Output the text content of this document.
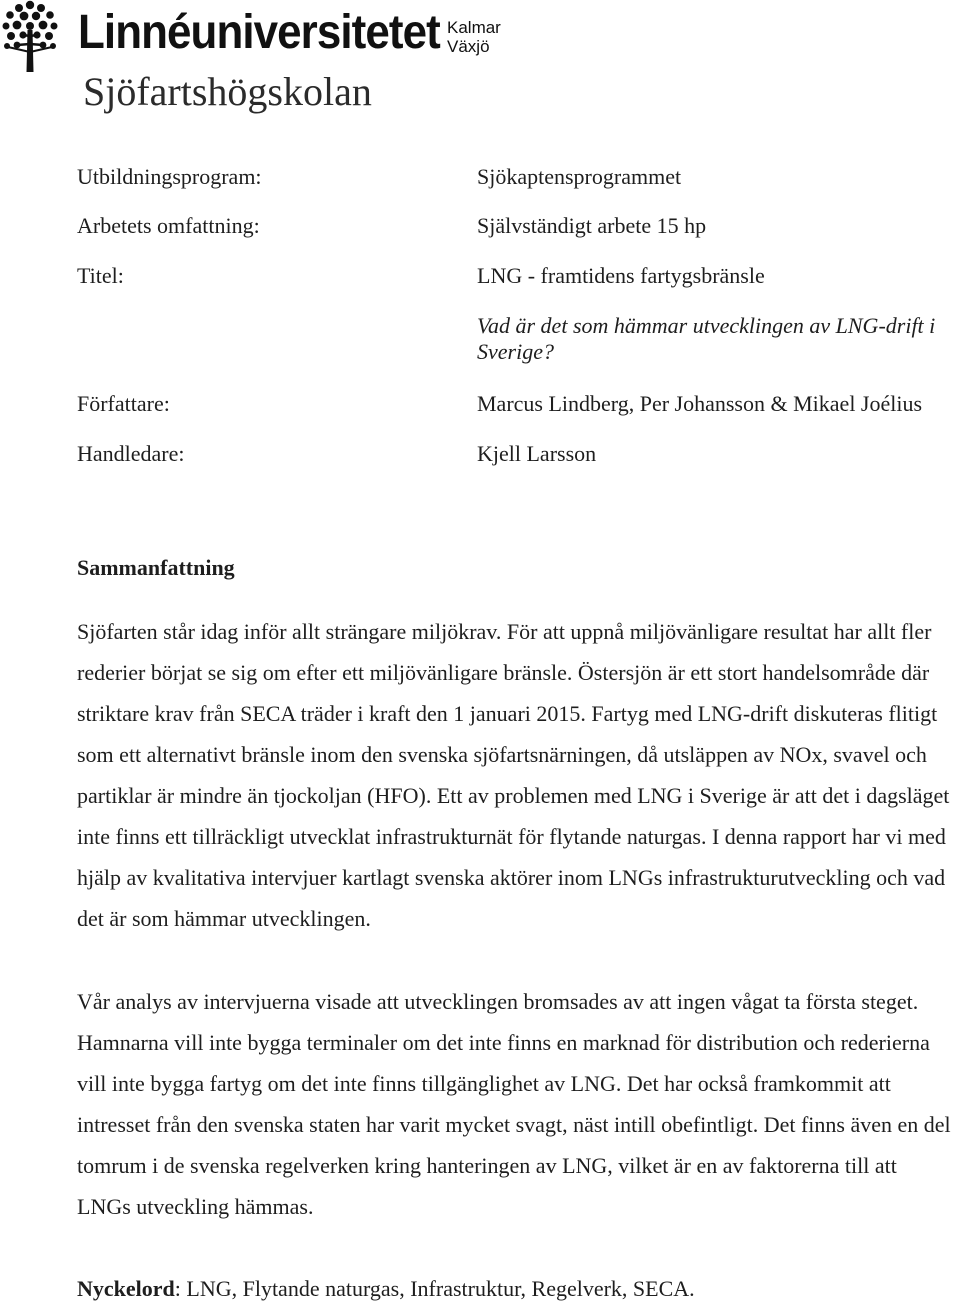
Linnéuniversitetet Kalmar
Växjö
Sjöfartshögskolan
Utbildningsprogram:	Sjökaptensprogrammet
Arbetets omfattning:	Självständigt arbete 15 hp
Titel:	LNG - framtidens fartygsbränsle
Vad är det som hämmar utvecklingen av LNG-drift i Sverige?
Författare:	Marcus Lindberg, Per Johansson & Mikael Joélius
Handledare:	Kjell Larsson
Sammanfattning
Sjöfarten står idag inför allt strängare miljökrav. För att uppnå miljövänligare resultat har allt fler
rederier börjat se sig om efter ett miljövänligare bränsle. Östersjön är ett stort handelsområde där
striktare krav från SECA träder i kraft den 1 januari 2015. Fartyg med LNG-drift diskuteras flitigt
som ett alternativt bränsle inom den svenska sjöfartsnärningen, då utsläppen av NOx, svavel och
partiklar är mindre än tjockoljan (HFO). Ett av problemen med LNG i Sverige är att det i dagsläget
inte finns ett tillräckligt utvecklat infrastrukturnät för flytande naturgas. I denna rapport har vi med
hjälp av kvalitativa intervjuer kartlagt svenska aktörer inom LNGs infrastrukturutveckling och vad
det är som hämmar utvecklingen.
Vår analys av intervjuerna visade att utvecklingen bromsades av att ingen vågat ta första steget.
Hamnarna vill inte bygga terminaler om det inte finns en marknad för distribution och rederierna
vill inte bygga fartyg om det inte finns tillgänglighet av LNG. Det har också framkommit att
intresset från den svenska staten har varit mycket svagt, näst intill obefintligt. Det finns även en del
tomrum i de svenska regelverken kring hanteringen av LNG, vilket är en av faktorerna till att
LNGs utveckling hämmas.
Nyckelord: LNG, Flytande naturgas, Infrastruktur, Regelverk, SECA.
